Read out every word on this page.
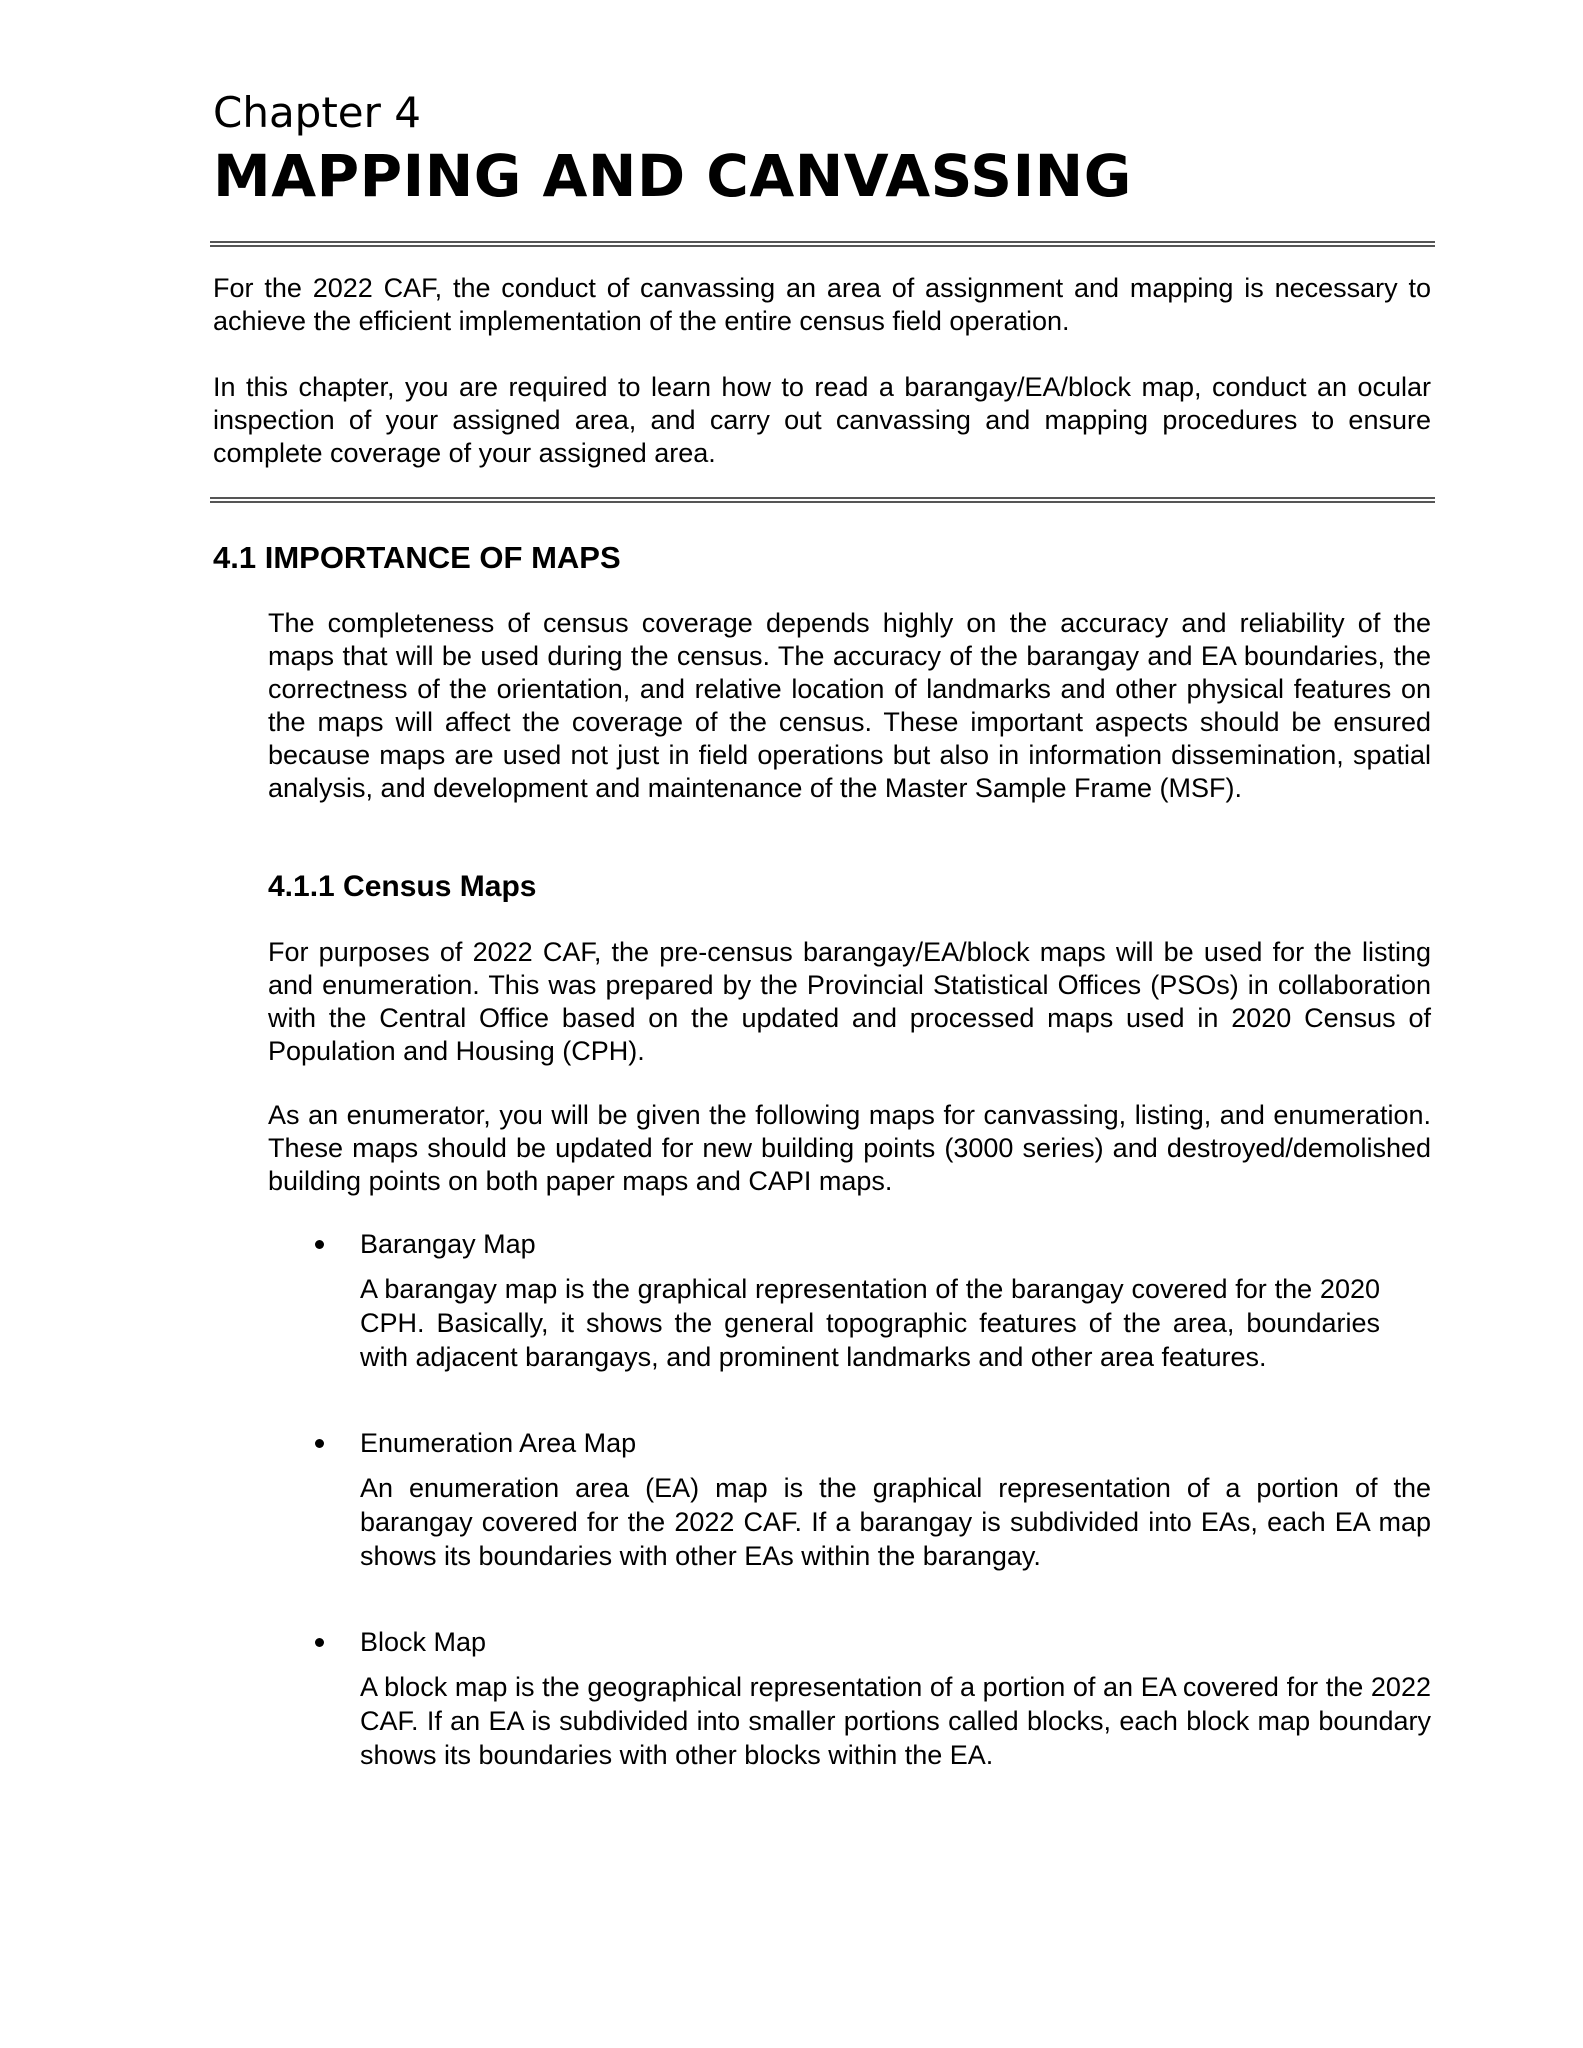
Chapter 4
MAPPING AND CANVASSING

For the 2022 CAF, the conduct of canvassing an area of assignment and mapping is necessary to achieve the efficient implementation of the entire census field operation.

In this chapter, you are required to learn how to read a barangay/EA/block map, conduct an ocular inspection of your assigned area, and carry out canvassing and mapping procedures to ensure complete coverage of your assigned area.

4.1 IMPORTANCE OF MAPS

The completeness of census coverage depends highly on the accuracy and reliability of the maps that will be used during the census. The accuracy of the barangay and EA boundaries, the correctness of the orientation, and relative location of landmarks and other physical features on the maps will affect the coverage of the census. These important aspects should be ensured because maps are used not just in field operations but also in information dissemination, spatial analysis, and development and maintenance of the Master Sample Frame (MSF).

4.1.1 Census Maps

For purposes of 2022 CAF, the pre-census barangay/EA/block maps will be used for the listing and enumeration. This was prepared by the Provincial Statistical Offices (PSOs) in collaboration with the Central Office based on the updated and processed maps used in 2020 Census of Population and Housing (CPH).

As an enumerator, you will be given the following maps for canvassing, listing, and enumeration. These maps should be updated for new building points (3000 series) and destroyed/demolished building points on both paper maps and CAPI maps.

Barangay Map

A barangay map is the graphical representation of the barangay covered for the 2020 CPH. Basically, it shows the general topographic features of the area, boundaries with adjacent barangays, and prominent landmarks and other area features.

Enumeration Area Map

An enumeration area (EA) map is the graphical representation of a portion of the barangay covered for the 2022 CAF. If a barangay is subdivided into EAs, each EA map shows its boundaries with other EAs within the barangay.

Block Map

A block map is the geographical representation of a portion of an EA covered for the 2022 CAF. If an EA is subdivided into smaller portions called blocks, each block map boundary shows its boundaries with other blocks within the EA.
